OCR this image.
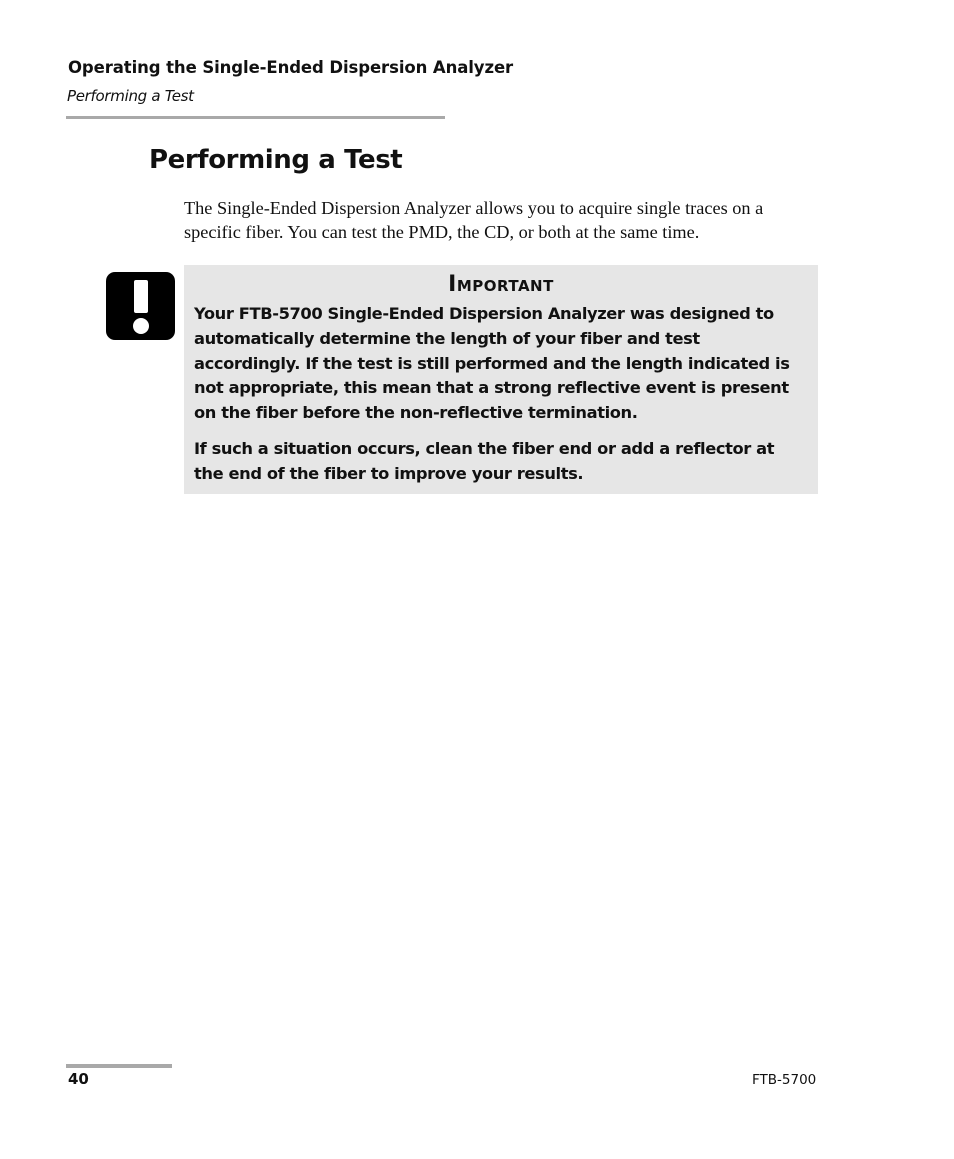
Operating the Single-Ended Dispersion Analyzer
Performing a Test
Performing a Test

The Single-Ended Dispersion Analyzer allows you to acquire single traces on a specific fiber. You can test the PMD, the CD, or both at the same time.

Important

Your FTB-5700 Single-Ended Dispersion Analyzer was designed to automatically determine the length of your fiber and test accordingly. If the test is still performed and the length indicated is not appropriate, this mean that a strong reflective event is present on the fiber before the non-reflective termination.

If such a situation occurs, clean the fiber end or add a reflector at the end of the fiber to improve your results.

40	FTB-5700
